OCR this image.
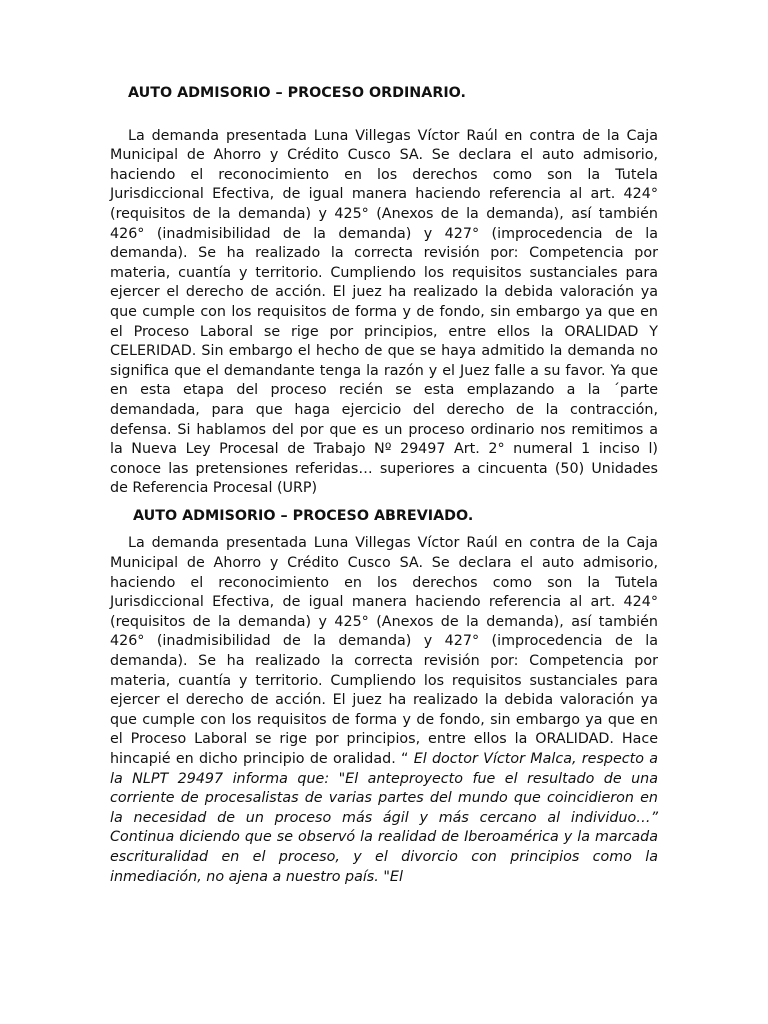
AUTO ADMISORIO – PROCESO ORDINARIO.

La demanda presentada Luna Villegas Víctor Raúl en contra de la Caja Municipal de Ahorro y Crédito Cusco SA. Se declara el auto admisorio, haciendo el reconocimiento en los derechos como son la Tutela Jurisdiccional Efectiva, de igual manera haciendo referencia al art. 424° (requisitos de la demanda) y 425° (Anexos de la demanda), así también 426° (inadmisibilidad de la demanda) y 427° (improcedencia de la demanda). Se ha realizado la correcta revisión por: Competencia por materia, cuantía y territorio. Cumpliendo los requisitos sustanciales para ejercer el derecho de acción. El juez ha realizado la debida valoración ya que cumple con los requisitos de forma y de fondo, sin embargo ya que en el Proceso Laboral se rige por principios, entre ellos la ORALIDAD Y CELERIDAD. Sin embargo el hecho de que se haya admitido la demanda no significa que el demandante tenga la razón y el Juez falle a su favor. Ya que en esta etapa del proceso recién se esta emplazando a la ´parte demandada, para que haga ejercicio del derecho de la contracción, defensa. Si hablamos del por que es un proceso ordinario nos remitimos a la Nueva Ley Procesal de Trabajo Nº 29497 Art. 2° numeral 1 inciso l) conoce las pretensiones referidas… superiores a cincuenta (50) Unidades de Referencia Procesal (URP)

AUTO ADMISORIO – PROCESO ABREVIADO.

La demanda presentada Luna Villegas Víctor Raúl en contra de la Caja Municipal de Ahorro y Crédito Cusco SA. Se declara el auto admisorio, haciendo el reconocimiento en los derechos como son la Tutela Jurisdiccional Efectiva, de igual manera haciendo referencia al art. 424° (requisitos de la demanda) y 425° (Anexos de la demanda), así también 426° (inadmisibilidad de la demanda) y 427° (improcedencia de la demanda). Se ha realizado la correcta revisión por: Competencia por materia, cuantía y territorio. Cumpliendo los requisitos sustanciales para ejercer el derecho de acción. El juez ha realizado la debida valoración ya que cumple con los requisitos de forma y de fondo, sin embargo ya que en el Proceso Laboral se rige por principios, entre ellos la ORALIDAD. Hace hincapié en dicho principio de oralidad. “ El doctor Víctor Malca, respecto a la NLPT 29497 informa que: "El anteproyecto fue el resultado de una corriente de procesalistas de varias partes del mundo que coincidieron en la necesidad de un proceso más ágil y más cercano al individuo…” Continua diciendo que se observó la realidad de Iberoamérica y la marcada escrituralidad en el proceso, y el divorcio con principios como la inmediación, no ajena a nuestro país. "El
